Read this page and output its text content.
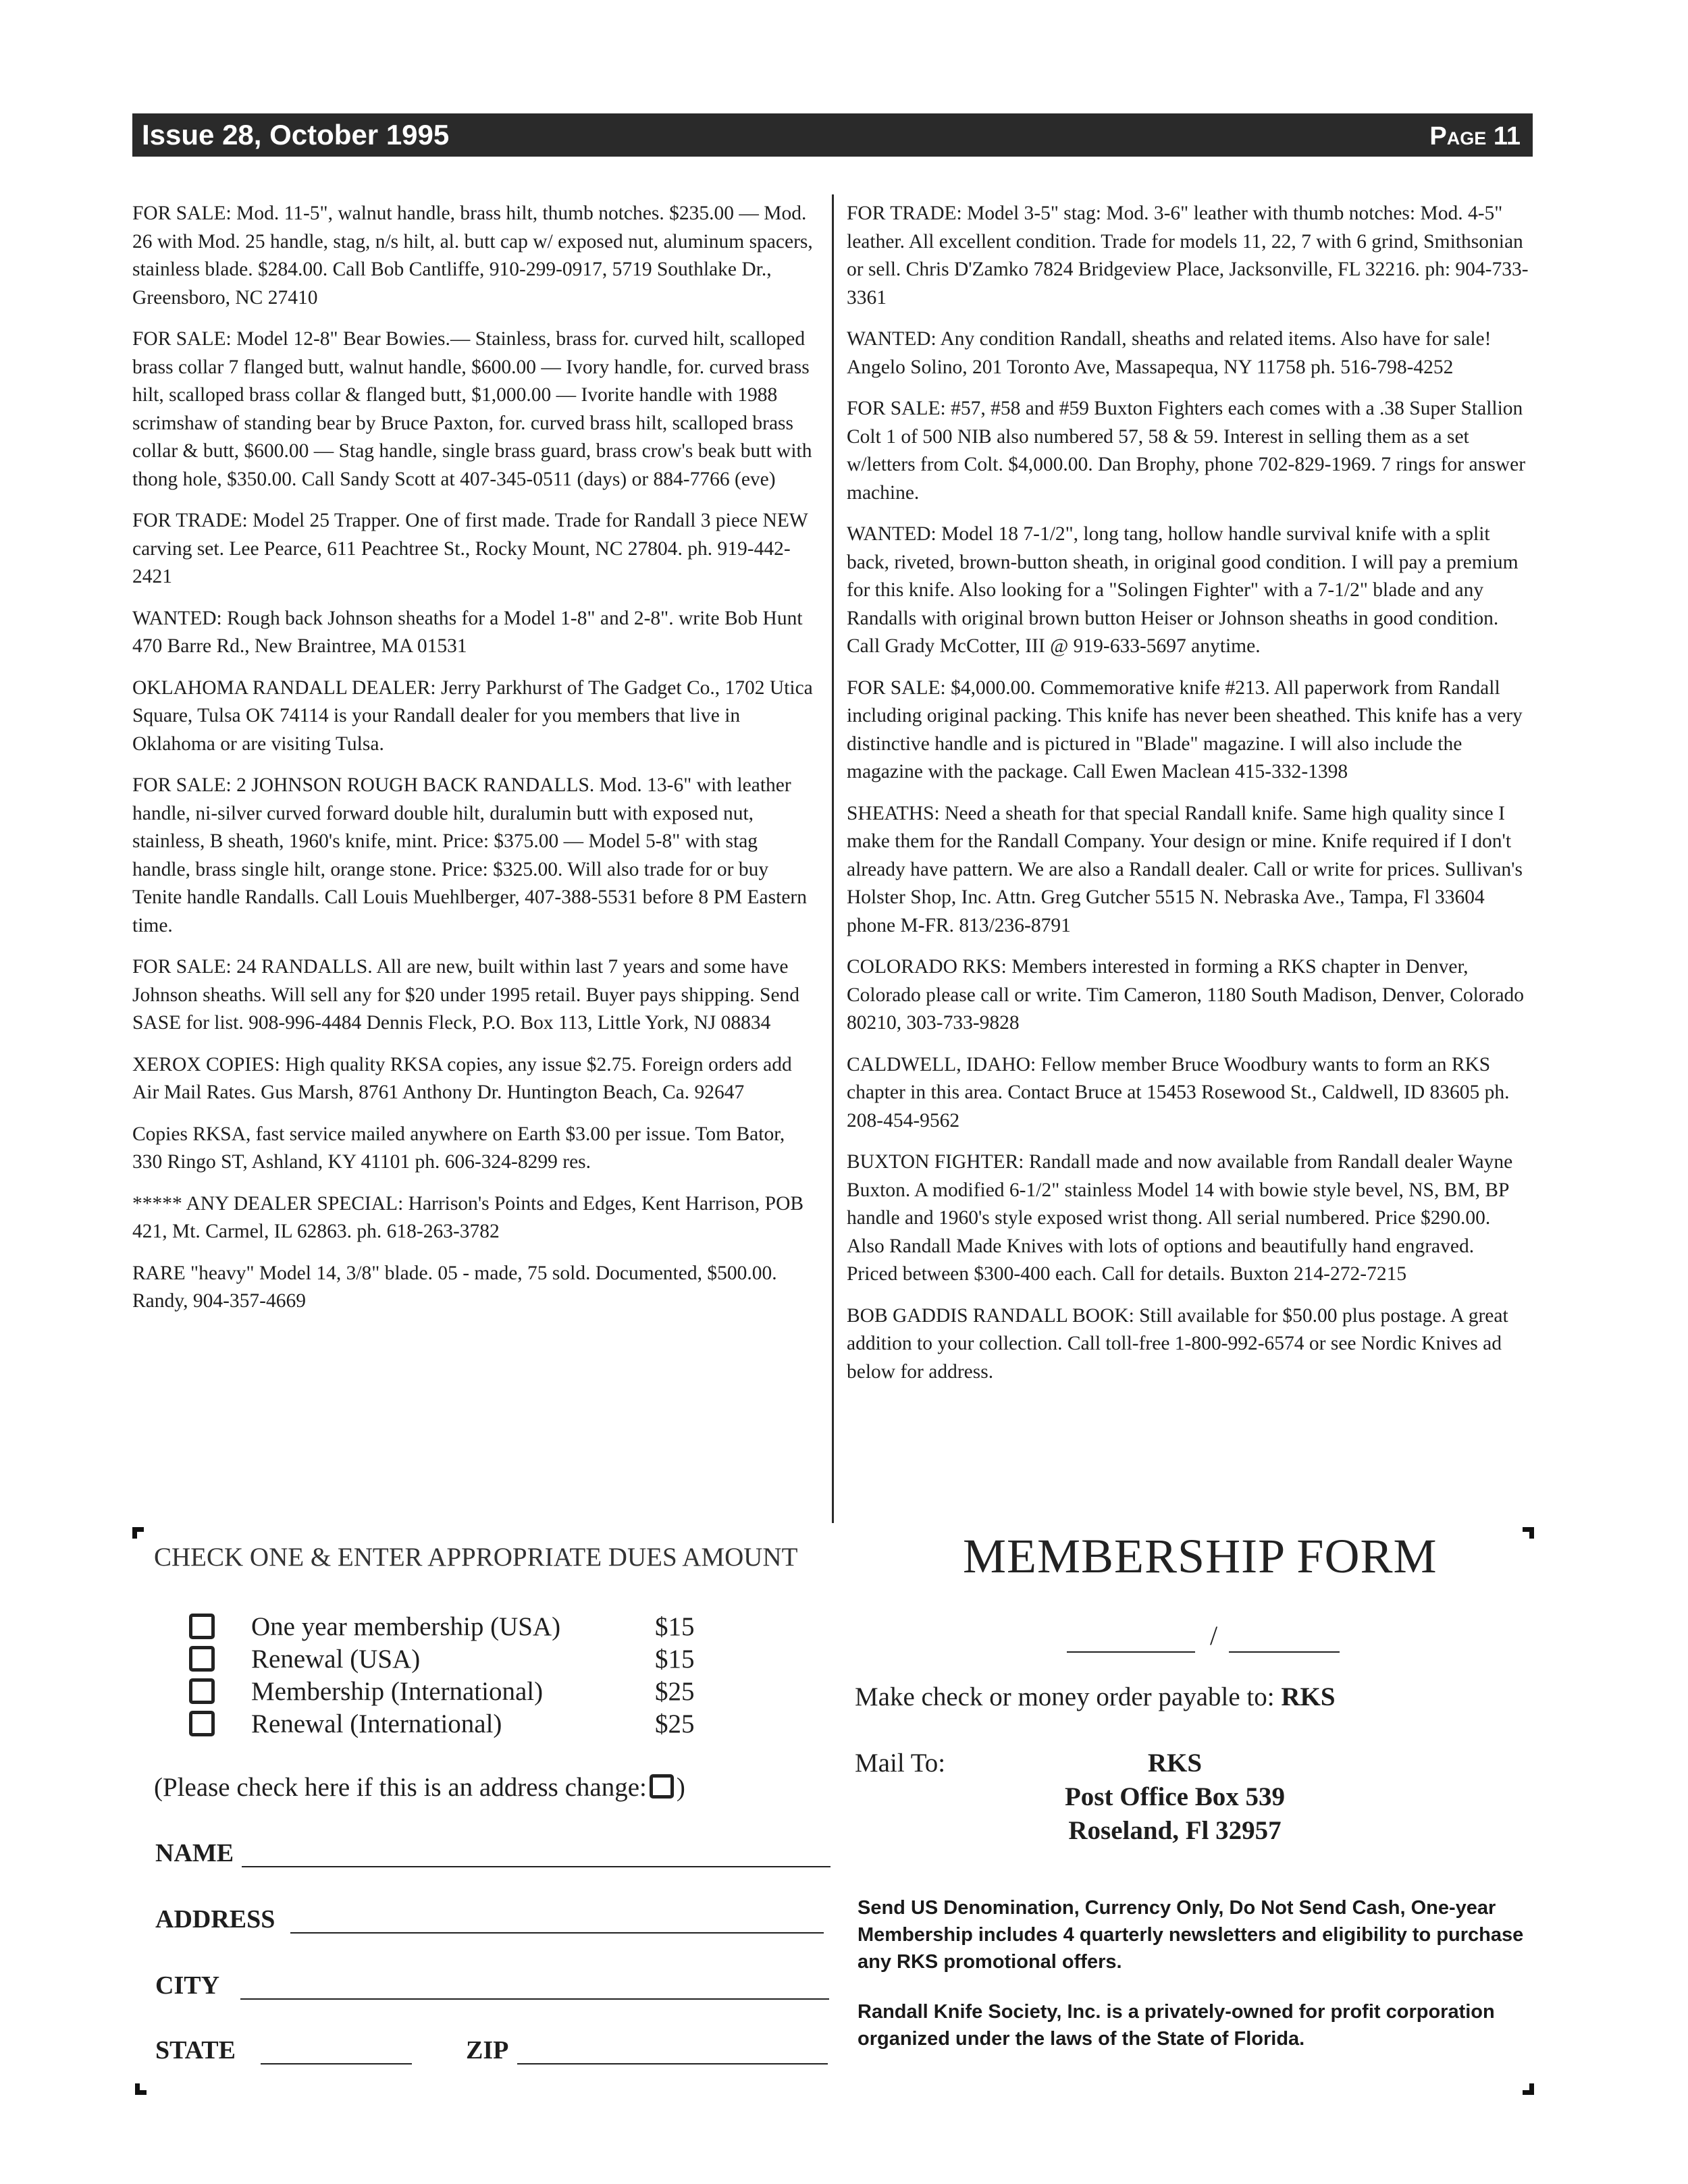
Issue 28, October 1995	Page 11

FOR SALE: Mod. 11-5", walnut handle, brass hilt, thumb notches. $235.00 — Mod. 26 with Mod. 25 handle, stag, n/s hilt, al. butt cap w/ exposed nut, aluminum spacers, stainless blade. $284.00. Call Bob Cantliffe, 910-299-0917, 5719 Southlake Dr., Greensboro, NC 27410

FOR SALE: Model 12-8" Bear Bowies.— Stainless, brass for. curved hilt, scalloped brass collar 7 flanged butt, walnut handle, $600.00 — Ivory handle, for. curved brass hilt, scalloped brass collar & flanged butt, $1,000.00 — Ivorite handle with 1988 scrimshaw of standing bear by Bruce Paxton, for. curved brass hilt, scalloped brass collar & butt, $600.00 — Stag handle, single brass guard, brass crow's beak butt with thong hole, $350.00. Call Sandy Scott at 407-345-0511 (days) or 884-7766 (eve)

FOR TRADE: Model 25 Trapper. One of first made. Trade for Randall 3 piece NEW carving set. Lee Pearce, 611 Peachtree St., Rocky Mount, NC 27804. ph. 919-442-2421

WANTED: Rough back Johnson sheaths for a Model 1-8" and 2-8". write Bob Hunt 470 Barre Rd., New Braintree, MA 01531

OKLAHOMA RANDALL DEALER: Jerry Parkhurst of The Gadget Co., 1702 Utica Square, Tulsa OK 74114 is your Randall dealer for you members that live in Oklahoma or are visiting Tulsa.

FOR SALE: 2 JOHNSON ROUGH BACK RANDALLS. Mod. 13-6" with leather handle, ni-silver curved forward double hilt, duralumin butt with exposed nut, stainless, B sheath, 1960's knife, mint. Price: $375.00 — Model 5-8" with stag handle, brass single hilt, orange stone. Price: $325.00. Will also trade for or buy Tenite handle Randalls. Call Louis Muehlberger, 407-388-5531 before 8 PM Eastern time.

FOR SALE: 24 RANDALLS. All are new, built within last 7 years and some have Johnson sheaths. Will sell any for $20 under 1995 retail. Buyer pays shipping. Send SASE for list. 908-996-4484 Dennis Fleck, P.O. Box 113, Little York, NJ 08834

XEROX COPIES: High quality RKSA copies, any issue $2.75. Foreign orders add Air Mail Rates. Gus Marsh, 8761 Anthony Dr. Huntington Beach, Ca. 92647

Copies RKSA, fast service mailed anywhere on Earth $3.00 per issue. Tom Bator, 330 Ringo ST, Ashland, KY 41101 ph. 606-324-8299 res.

***** ANY DEALER SPECIAL: Harrison's Points and Edges, Kent Harrison, POB 421, Mt. Carmel, IL 62863. ph. 618-263-3782

RARE "heavy" Model 14, 3/8" blade. 05 - made, 75 sold. Documented, $500.00. Randy, 904-357-4669

FOR TRADE: Model 3-5" stag: Mod. 3-6" leather with thumb notches: Mod. 4-5" leather. All excellent condition. Trade for models 11, 22, 7 with 6 grind, Smithsonian or sell. Chris D'Zamko 7824 Bridgeview Place, Jacksonville, FL 32216. ph: 904-733-3361

WANTED: Any condition Randall, sheaths and related items. Also have for sale! Angelo Solino, 201 Toronto Ave, Massapequa, NY 11758 ph. 516-798-4252

FOR SALE: #57, #58 and #59 Buxton Fighters each comes with a .38 Super Stallion Colt 1 of 500 NIB also numbered 57, 58 & 59. Interest in selling them as a set w/letters from Colt. $4,000.00. Dan Brophy, phone 702-829-1969. 7 rings for answer machine.

WANTED: Model 18 7-1/2", long tang, hollow handle survival knife with a split back, riveted, brown-button sheath, in original good condition. I will pay a premium for this knife. Also looking for a "Solingen Fighter" with a 7-1/2" blade and any Randalls with original brown button Heiser or Johnson sheaths in good condition. Call Grady McCotter, III @ 919-633-5697 anytime.

FOR SALE: $4,000.00. Commemorative knife #213. All paperwork from Randall including original packing. This knife has never been sheathed. This knife has a very distinctive handle and is pictured in "Blade" magazine. I will also include the magazine with the package. Call Ewen Maclean 415-332-1398

SHEATHS: Need a sheath for that special Randall knife. Same high quality since I make them for the Randall Company. Your design or mine. Knife required if I don't already have pattern. We are also a Randall dealer. Call or write for prices. Sullivan's Holster Shop, Inc. Attn. Greg Gutcher 5515 N. Nebraska Ave., Tampa, Fl 33604 phone M-FR. 813/236-8791

COLORADO RKS: Members interested in forming a RKS chapter in Denver, Colorado please call or write. Tim Cameron, 1180 South Madison, Denver, Colorado 80210, 303-733-9828

CALDWELL, IDAHO: Fellow member Bruce Woodbury wants to form an RKS chapter in this area. Contact Bruce at 15453 Rosewood St., Caldwell, ID 83605 ph. 208-454-9562

BUXTON FIGHTER: Randall made and now available from Randall dealer Wayne Buxton. A modified 6-1/2" stainless Model 14 with bowie style bevel, NS, BM, BP handle and 1960's style exposed wrist thong. All serial numbered. Price $290.00. Also Randall Made Knives with lots of options and beautifully hand engraved. Priced between $300-400 each. Call for details. Buxton 214-272-7215

BOB GADDIS RANDALL BOOK: Still available for $50.00 plus postage. A great addition to your collection. Call toll-free 1-800-992-6574 or see Nordic Knives ad below for address.

CHECK ONE & ENTER APPROPRIATE DUES AMOUNT	MEMBERSHIP FORM
One year membership (USA)	$15
Renewal (USA)	$15
Membership (International)	$25
Renewal (International)	$25
(Please check here if this is an address change: )
NAME
ADDRESS
CITY
STATE	ZIP
/
Make check or money order payable to: RKS
Mail To:	RKS
Post Office Box 539
Roseland, Fl 32957
Send US Denomination, Currency Only, Do Not Send Cash, One-year Membership includes 4 quarterly newsletters and eligibility to purchase any RKS promotional offers.
Randall Knife Society, Inc. is a privately-owned for profit corporation organized under the laws of the State of Florida.
